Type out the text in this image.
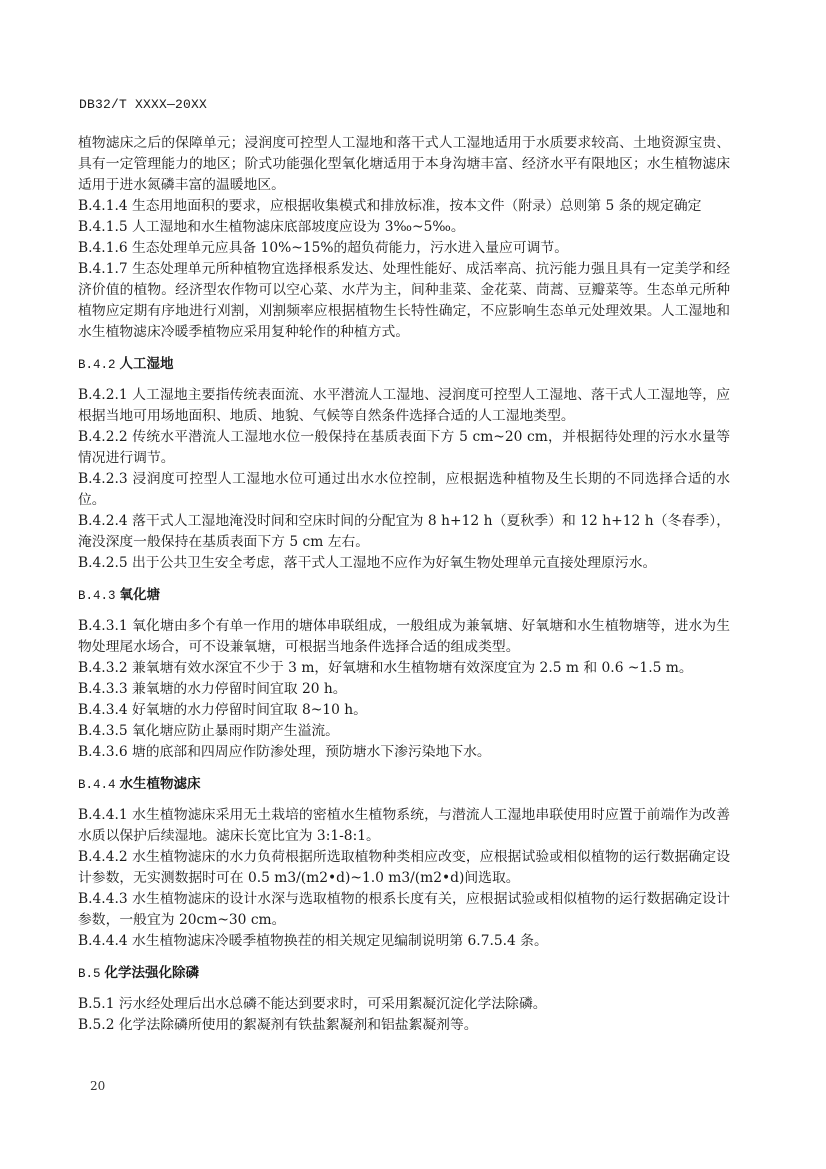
DB32/T XXXX—20XX

植物滤床之后的保障单元；浸润度可控型人工湿地和落干式人工湿地适用于水质要求较高、土地资源宝贵、具有一定管理能力的地区；阶式功能强化型氧化塘适用于本身沟塘丰富、经济水平有限地区；水生植物滤床适用于进水氮磷丰富的温暖地区。

B.4.1.4 生态用地面积的要求，应根据收集模式和排放标准，按本文件（附录）总则第 5 条的规定确定

B.4.1.5 人工湿地和水生植物滤床底部坡度应设为 3‰~5‰。

B.4.1.6 生态处理单元应具备 10%~15%的超负荷能力，污水进入量应可调节。

B.4.1.7 生态处理单元所种植物宜选择根系发达、处理性能好、成活率高、抗污能力强且具有一定美学和经济价值的植物。经济型农作物可以空心菜、水芹为主，间种韭菜、金花菜、茼蒿、豆瓣菜等。生态单元所种植物应定期有序地进行刈割，刈割频率应根据植物生长特性确定，不应影响生态单元处理效果。人工湿地和水生植物滤床冷暖季植物应采用复种轮作的种植方式。

B.4.2 人工湿地

B.4.2.1 人工湿地主要指传统表面流、水平潜流人工湿地、浸润度可控型人工湿地、落干式人工湿地等，应根据当地可用场地面积、地质、地貌、气候等自然条件选择合适的人工湿地类型。

B.4.2.2 传统水平潜流人工湿地水位一般保持在基质表面下方 5 cm~20 cm，并根据待处理的污水水量等情况进行调节。

B.4.2.3 浸润度可控型人工湿地水位可通过出水水位控制，应根据选种植物及生长期的不同选择合适的水位。

B.4.2.4 落干式人工湿地淹没时间和空床时间的分配宜为 8 h+12 h（夏秋季）和 12 h+12 h（冬春季），淹没深度一般保持在基质表面下方 5 cm 左右。

B.4.2.5 出于公共卫生安全考虑，落干式人工湿地不应作为好氧生物处理单元直接处理原污水。

B.4.3 氧化塘

B.4.3.1 氧化塘由多个有单一作用的塘体串联组成，一般组成为兼氧塘、好氧塘和水生植物塘等，进水为生物处理尾水场合，可不设兼氧塘，可根据当地条件选择合适的组成类型。

B.4.3.2 兼氧塘有效水深宜不少于 3 m，好氧塘和水生植物塘有效深度宜为 2.5 m 和 0.6 ~1.5 m。

B.4.3.3 兼氧塘的水力停留时间宜取 20 h。

B.4.3.4 好氧塘的水力停留时间宜取 8~10 h。

B.4.3.5 氧化塘应防止暴雨时期产生溢流。

B.4.3.6 塘的底部和四周应作防渗处理，预防塘水下渗污染地下水。

B.4.4 水生植物滤床

B.4.4.1 水生植物滤床采用无土栽培的密植水生植物系统，与潜流人工湿地串联使用时应置于前端作为改善水质以保护后续湿地。滤床长宽比宜为 3:1-8:1。

B.4.4.2 水生植物滤床的水力负荷根据所选取植物种类相应改变，应根据试验或相似植物的运行数据确定设计参数，无实测数据时可在 0.5 m3/(m2•d)~1.0 m3/(m2•d)间选取。

B.4.4.3 水生植物滤床的设计水深与选取植物的根系长度有关，应根据试验或相似植物的运行数据确定设计参数，一般宜为 20cm~30 cm。

B.4.4.4 水生植物滤床冷暖季植物换茬的相关规定见编制说明第 6.7.5.4 条。

B.5 化学法强化除磷

B.5.1 污水经处理后出水总磷不能达到要求时，可采用絮凝沉淀化学法除磷。

B.5.2 化学法除磷所使用的絮凝剂有铁盐絮凝剂和铝盐絮凝剂等。

20
